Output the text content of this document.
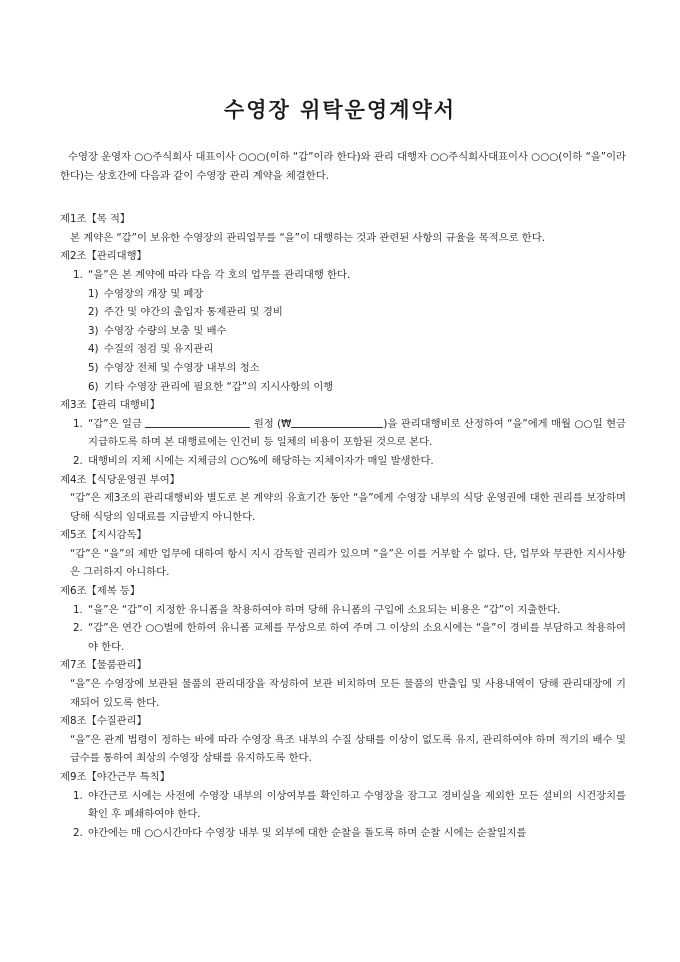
수영장 위탁운영계약서

수영장 운영자 ○○주식회사 대표이사 ○○○(이하 “갑”이라 한다)와 관리 대행자 ○○주식회사대표이사 ○○○(이하 “을”이라 한다)는 상호간에 다음과 같이 수영장 관리 계약을 체결한다.

제1조【목 적】

본 계약은 “갑”이 보유한 수영장의 관리업무를 “을”이 대행하는 것과 관련된 사항의 규율을 목적으로 한다.

제2조【관리대행】

1. “을”은 본 계약에 따라 다음 각 호의 업무를 관리대행 한다.
1) 수영장의 개장 및 폐장
2) 주간 및 야간의 출입자 통제관리 및 경비
3) 수영장 수량의 보충 및 배수
4) 수질의 점검 및 유지관리
5) 수영장 전체 및 수영장 내부의 청소
6) 기타 수영장 관리에 필요한 “갑”의 지시사항의 이행

제3조【관리 대행비】

1. “갑”은 일금	원정 (₩	)을 관리대행비로 산정하여 “을”에게 매월 ○○일 현금 지급하도록 하며 본 대행료에는 인건비 등 일체의 비용이 포함된 것으로 본다.
2. 대행비의 지체 시에는 지체금의 ○○%에 해당하는 지체이자가 매일 발생한다.

제4조【식당운영권 부여】

“갑”은 제3조의 관리대행비와 별도로 본 계약의 유효기간 동안 “을”에게 수영장 내부의 식당 운영권에 대한 권리를 보장하며 당해 식당의 임대료를 지급받지 아니한다.

제5조【지시감독】

“갑”은 “을”의 제반 업무에 대하여 항시 지시 감독할 권리가 있으며 “을”은 이를 거부할 수 없다. 단, 업무와 무관한 지시사항은 그러하지 아니하다.

제6조【제복 등】

1. “을”은 “갑”이 지정한 유니폼을 착용하여야 하며 당해 유니폼의 구입에 소요되는 비용은 “갑”이 지출한다.
2. “갑”은 연간 ○○벌에 한하여 유니폼 교체를 무상으로 하여 주며 그 이상의 소요시에는 “을”이 경비를 부담하고 착용하여야 한다.

제7조【물품관리】

“을”은 수영장에 보관된 물품의 관리대장을 작성하여 보관 비치하며 모든 물품의 반출입 및 사용내역이 당해 관리대장에 기재되어 있도록 한다.

제8조【수질관리】

“을”은 관계 법령이 정하는 바에 따라 수영장 욕조 내부의 수질 상태를 이상이 없도록 유지, 관리하여야 하며 적기의 배수 및 급수를 통하여 최상의 수영장 상태를 유지하도록 한다.

제9조【야간근무 특칙】

1. 야간근로 시에는 사전에 수영장 내부의 이상여부를 확인하고 수영장을 잠그고 경비실을 제외한 모든 설비의 시건장치를 확인 후 폐쇄하여야 한다.
2. 야간에는 매 ○○시간마다 수영장 내부 및 외부에 대한 순찰을 돌도록 하며 순찰 시에는 순찰일지를
